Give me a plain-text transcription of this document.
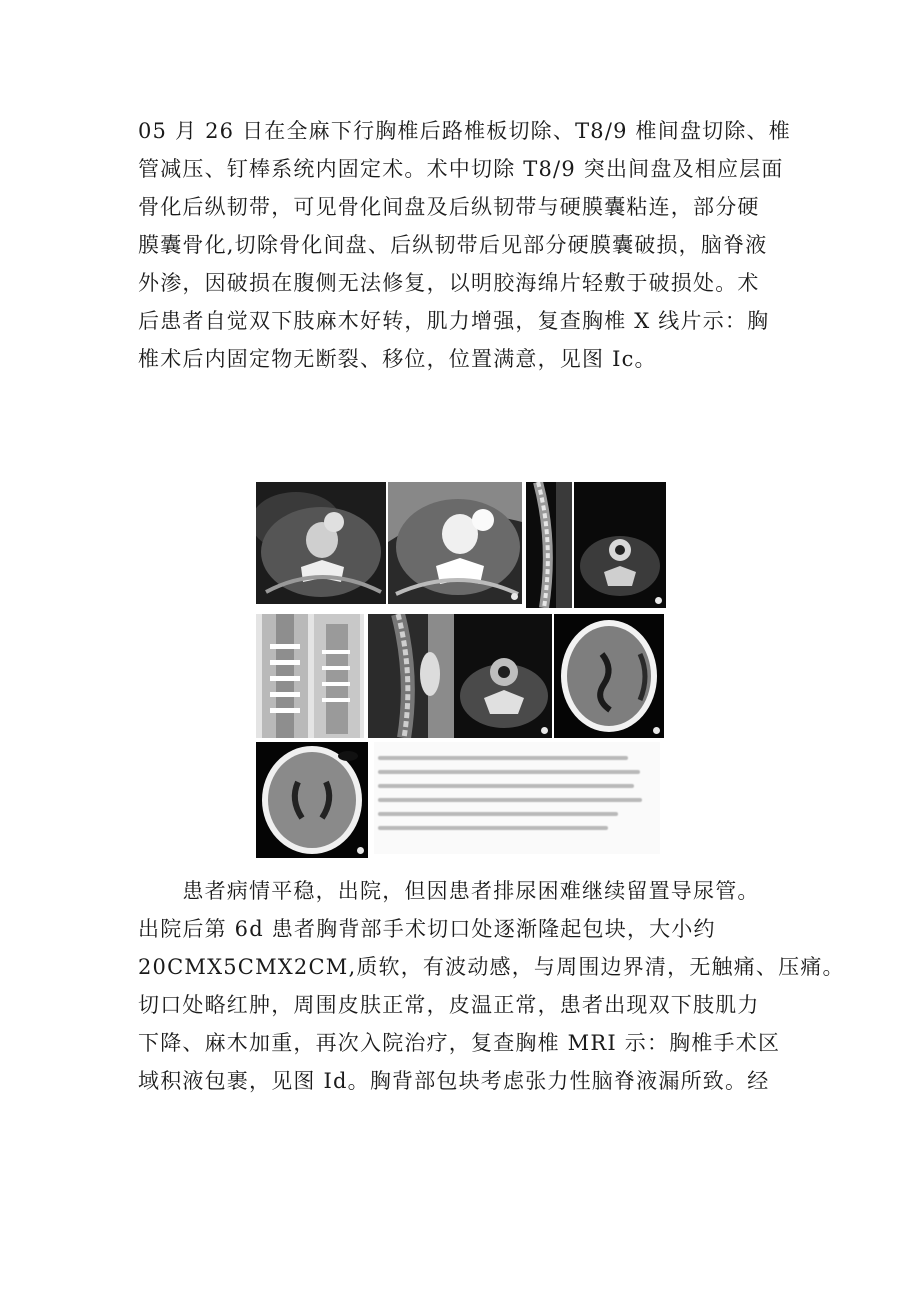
05 月 26 日在全麻下行胸椎后路椎板切除、T8/9 椎间盘切除、椎
管减压、钉棒系统内固定术。术中切除 T8/9 突出间盘及相应层面
骨化后纵韧带，可见骨化间盘及后纵韧带与硬膜囊粘连，部分硬
膜囊骨化,切除骨化间盘、后纵韧带后见部分硬膜囊破损，脑脊液
外渗，因破损在腹侧无法修复，以明胶海绵片轻敷于破损处。术
后患者自觉双下肢麻木好转，肌力增强，复查胸椎 X 线片示：胸
椎术后内固定物无断裂、移位，位置满意，见图 Ic。
　　患者病情平稳，出院，但因患者排尿困难继续留置导尿管。
出院后第 6d 患者胸背部手术切口处逐渐隆起包块，大小约
20CMX5CMX2CM,质软，有波动感，与周围边界清，无触痛、压痛。
切口处略红肿，周围皮肤正常，皮温正常，患者出现双下肢肌力
下降、麻木加重，再次入院治疗，复查胸椎 MRI 示：胸椎手术区
域积液包裹，见图 Id。胸背部包块考虑张力性脑脊液漏所致。经
